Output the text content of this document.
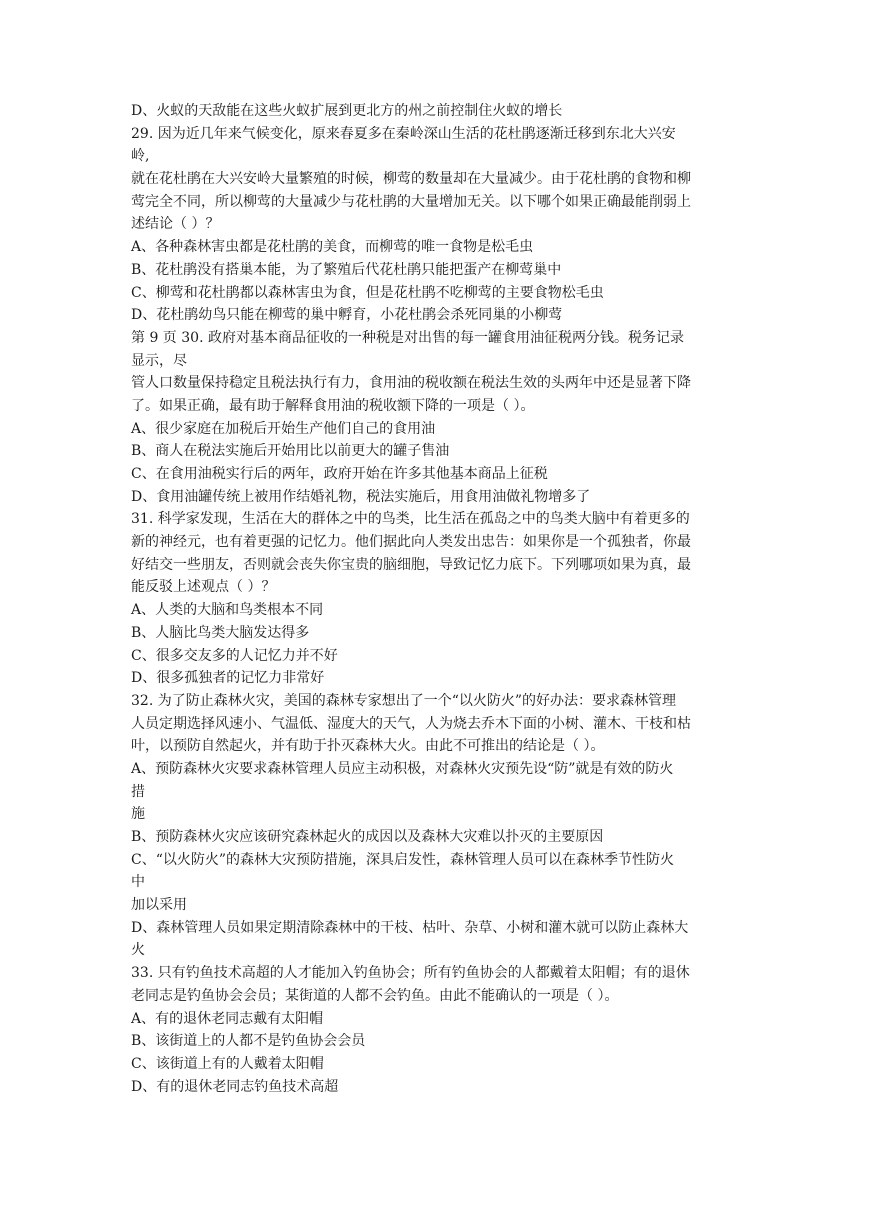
D、火蚁的天敌能在这些火蚁扩展到更北方的州之前控制住火蚁的增长
29. 因为近几年来气候变化，原来春夏多在秦岭深山生活的花杜鹃逐渐迁移到东北大兴安
岭,
就在花杜鹃在大兴安岭大量繁殖的时候，柳莺的数量却在大量减少。由于花杜鹃的食物和柳
莺完全不同，所以柳莺的大量减少与花杜鹃的大量增加无关。以下哪个如果正确最能削弱上
述结论（ ）？
A、各种森林害虫都是花杜鹃的美食，而柳莺的唯一食物是松毛虫
B、花杜鹃没有搭巢本能，为了繁殖后代花杜鹃只能把蛋产在柳莺巢中
C、柳莺和花杜鹃都以森林害虫为食，但是花杜鹃不吃柳莺的主要食物松毛虫
D、花杜鹃幼鸟只能在柳莺的巢中孵育，小花杜鹃会杀死同巢的小柳莺
第 9 页 30. 政府对基本商品征收的一种税是对出售的每一罐食用油征税两分钱。税务记录
显示，尽
管人口数量保持稳定且税法执行有力，食用油的税收额在税法生效的头两年中还是显著下降
了。如果正确，最有助于解释食用油的税收额下降的一项是（ ）。
A、很少家庭在加税后开始生产他们自己的食用油
B、商人在税法实施后开始用比以前更大的罐子售油
C、在食用油税实行后的两年，政府开始在许多其他基本商品上征税
D、食用油罐传统上被用作结婚礼物，税法实施后，用食用油做礼物增多了
31. 科学家发现，生活在大的群体之中的鸟类，比生活在孤岛之中的鸟类大脑中有着更多的
新的神经元，也有着更强的记忆力。他们据此向人类发出忠告：如果你是一个孤独者，你最
好结交一些朋友，否则就会丧失你宝贵的脑细胞，导致记忆力底下。下列哪项如果为真，最
能反驳上述观点（ ）？
A、人类的大脑和鸟类根本不同
B、人脑比鸟类大脑发达得多
C、很多交友多的人记忆力并不好
D、很多孤独者的记忆力非常好
32. 为了防止森林火灾，美国的森林专家想出了一个“以火防火”的好办法：要求森林管理
人员定期选择风速小、气温低、湿度大的天气，人为烧去乔木下面的小树、灌木、干枝和枯
叶，以预防自然起火，并有助于扑灭森林大火。由此不可推出的结论是（ ）。
A、预防森林火灾要求森林管理人员应主动积极，对森林火灾预先设“防”就是有效的防火
措
施
B、预防森林火灾应该研究森林起火的成因以及森林大灾难以扑灭的主要原因
C、“以火防火”的森林大灾预防措施，深具启发性，森林管理人员可以在森林季节性防火
中
加以采用
D、森林管理人员如果定期清除森林中的干枝、枯叶、杂草、小树和灌木就可以防止森林大
火
33. 只有钓鱼技术高超的人才能加入钓鱼协会；所有钓鱼协会的人都戴着太阳帽；有的退休
老同志是钓鱼协会会员；某街道的人都不会钓鱼。由此不能确认的一项是（ ）。
A、有的退休老同志戴有太阳帽
B、该街道上的人都不是钓鱼协会会员
C、该街道上有的人戴着太阳帽
D、有的退休老同志钓鱼技术高超
